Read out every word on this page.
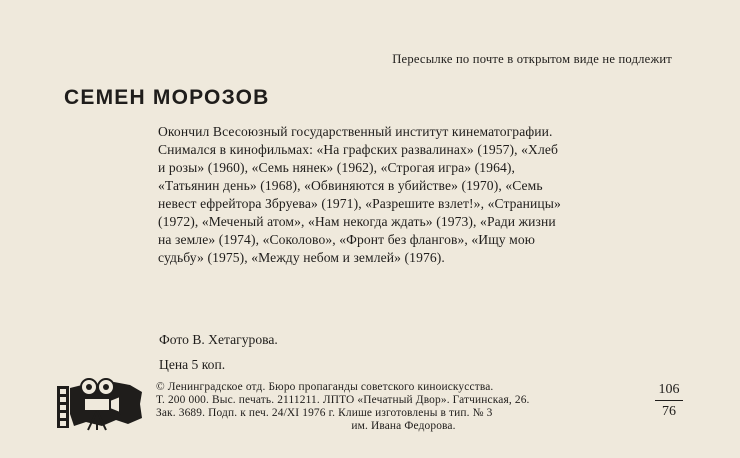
Пересылке по почте в открытом виде не подлежит
СЕМЕН МОРОЗОВ
Окончил Всесоюзный государственный институт кинематографии.
Снимался в кинофильмах: «На графских развалинах» (1957), «Хлеб
и розы» (1960), «Семь нянек» (1962), «Строгая игра» (1964),
«Татьянин день» (1968), «Обвиняются в убийстве» (1970), «Семь
невест ефрейтора Збруева» (1971), «Разрешите взлет!», «Страницы»
(1972), «Меченый атом», «Нам некогда ждать» (1973), «Ради жизни
на земле» (1974), «Соколово», «Фронт без флангов», «Ищу мою
судьбу» (1975), «Между небом и землей» (1976).
Фото В. Хетагурова.
Цена 5 коп.
© Ленинградское отд. Бюро пропаганды советского киноискусства.
Т. 200 000. Выс. печать. 2111211. ЛПТО «Печатный Двор». Гатчинская, 26.
Зак. 3689. Подп. к печ. 24/XI 1976 г. Клише изготовлены в тип. № 3
им. Ивана Федорова.
$\frac{106}{76}$
